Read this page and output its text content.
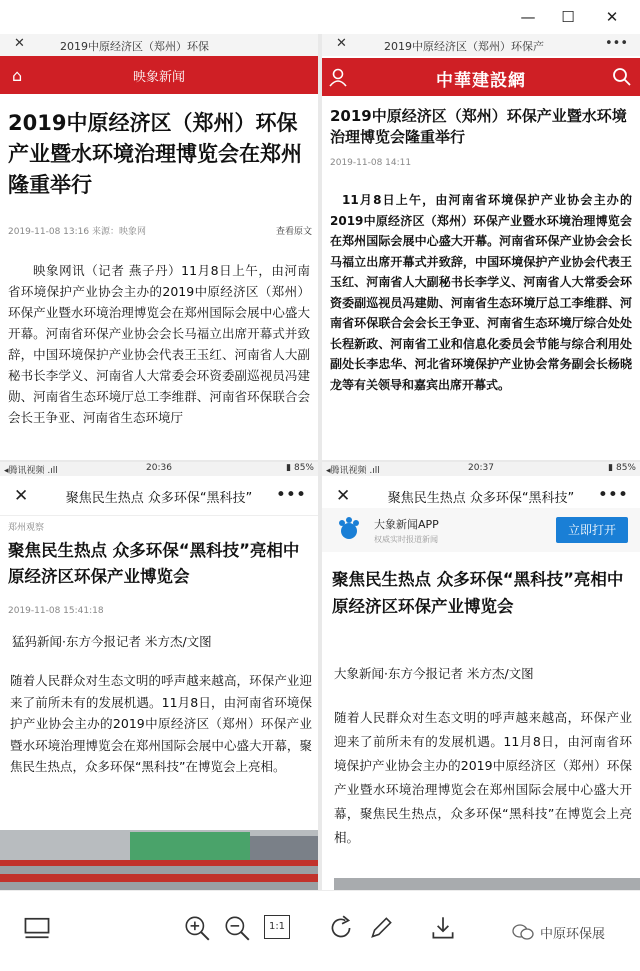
—	☐	✕
✕	2019中原经济区（郑州）环保
⌂	映象新闻
2019中原经济区（郑州）环保产业暨水环境治理博览会在郑州隆重举行
2019-11-08 13:16 来源：映象网	查看原文
映象网讯（记者 燕子丹）11月8日上午，由河南省环境保护产业协会主办的2019中原经济区（郑州）环保产业暨水环境治理博览会在郑州国际会展中心盛大开幕。河南省环保产业协会会长马福立出席开幕式并致辞，中国环境保护产业协会代表王玉红、河南省人大副秘书长李学义、河南省人大常委会环资委副巡视员冯建勋、河南省生态环境厅总工李维群、河南省环保联合会会长王争亚、河南省生态环境厅
✕	2019中原经济区（郑州）环保产	•••
中華建設網
2019中原经济区（郑州）环保产业暨水环境治理博览会隆重举行
2019-11-08 14:11
11月8日上午，由河南省环境保护产业协会主办的2019中原经济区（郑州）环保产业暨水环境治理博览会在郑州国际会展中心盛大开幕。河南省环保产业协会会长马福立出席开幕式并致辞，中国环境保护产业协会代表王玉红、河南省人大副秘书长李学义、河南省人大常委会环资委副巡视员冯建勋、河南省生态环境厅总工李维群、河南省环保联合会会长王争亚、河南省生态环境厅综合处处长程新政、河南省工业和信息化委员会节能与综合利用处副处长李忠华、河北省环境保护产业协会常务副会长杨晓龙等有关领导和嘉宾出席开幕式。
◂腾讯视频 .ıll	20:36	▮ 85%
✕	聚焦民生热点 众多环保“黑科技”	•••
郑州观察
聚焦民生热点 众多环保“黑科技”亮相中原经济区环保产业博览会
2019-11-08 15:41:18
猛犸新闻·东方今报记者 米方杰/文图
随着人民群众对生态文明的呼声越来越高，环保产业迎来了前所未有的发展机遇。11月8日，由河南省环境保护产业协会主办的2019中原经济区（郑州）环保产业暨水环境治理博览会在郑州国际会展中心盛大开幕，聚焦民生热点，众多环保“黑科技”在博览会上亮相。
◂腾讯视频 .ıll	20:37	▮ 85%
✕	聚焦民生热点 众多环保“黑科技”	•••
大象新闻APP
权威实时报道新闻
立即打开
聚焦民生热点 众多环保“黑科技”亮相中原经济区环保产业博览会
大象新闻·东方今报记者 米方杰/文图
随着人民群众对生态文明的呼声越来越高，环保产业迎来了前所未有的发展机遇。11月8日，由河南省环境保护产业协会主办的2019中原经济区（郑州）环保产业暨水环境治理博览会在郑州国际会展中心盛大开幕，聚焦民生热点，众多环保“黑科技”在博览会上亮相。
1:1
中原环保展
